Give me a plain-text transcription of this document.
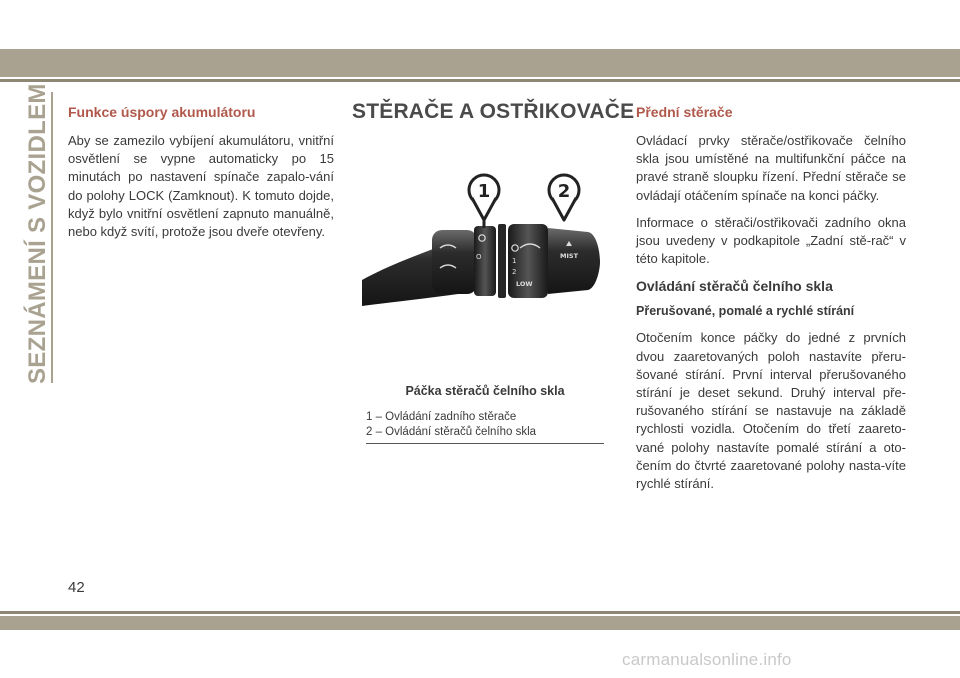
SEZNÁMENÍ S VOZIDLEM Funkce úspory akumulátoru

Aby se zamezilo vybíjení akumulátoru, vnitřní osvětlení se vypne automaticky po 15 minutách po nastavení spínače zapalo-vání do polohy LOCK (Zamknout). K tomuto dojde, když bylo vnitřní osvětlení zapnuto manuálně, nebo když svítí, protože jsou dveře otevřeny.

STĚRAČE A OSTŘIKOVAČE
O	1
2
LOW
MIST
1	2

Páčka stěračů čelního skla

1 – Ovládání zadního stěrače

2 – Ovládání stěračů čelního skla

Přední stěrače

Ovládací prvky stěrače/ostřikovače čelního skla jsou umístěné na multifunkční páčce na pravé straně sloupku řízení. Přední stěrače se ovládají otáčením spínače na konci páčky.

Informace o stěrači/ostřikovači zadního okna jsou uvedeny v podkapitole „Zadní stě-rač“ v této kapitole.

Ovládání stěračů čelního skla

Přerušované, pomalé a rychlé stírání

Otočením konce páčky do jedné z prvních dvou zaaretovaných poloh nastavíte přeru-šované stírání. První interval přerušovaného stírání je deset sekund. Druhý interval pře-rušovaného stírání se nastavuje na základě rychlosti vozidla. Otočením do třetí zaareto-vané polohy nastavíte pomalé stírání a oto-čením do čtvrté zaaretované polohy nasta-víte rychlé stírání.

42
carmanualsonline.info
